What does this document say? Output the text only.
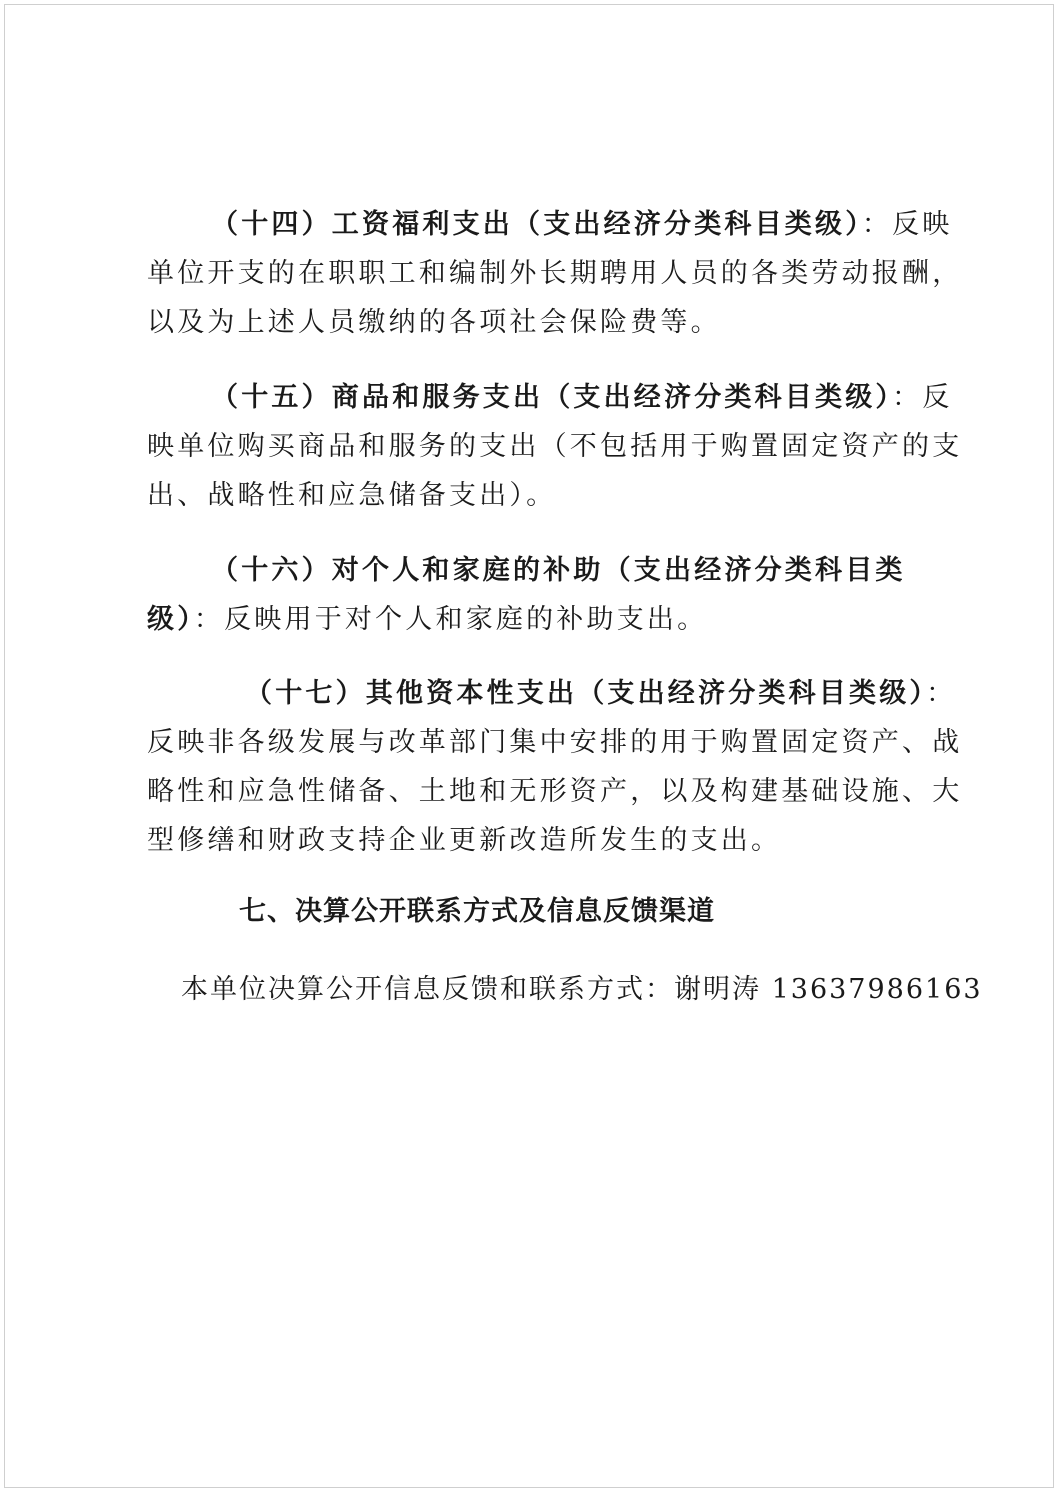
（十四）工资福利支出（支出经济分类科目类级）：反映
单位开支的在职职工和编制外长期聘用人员的各类劳动报酬，
以及为上述人员缴纳的各项社会保险费等。
（十五）商品和服务支出（支出经济分类科目类级）：反
映单位购买商品和服务的支出（不包括用于购置固定资产的支
出、战略性和应急储备支出）。
（十六）对个人和家庭的补助（支出经济分类科目类
级）：反映用于对个人和家庭的补助支出。
（十七）其他资本性支出（支出经济分类科目类级）：
反映非各级发展与改革部门集中安排的用于购置固定资产、战
略性和应急性储备、土地和无形资产，以及构建基础设施、大
型修缮和财政支持企业更新改造所发生的支出。
七、决算公开联系方式及信息反馈渠道
本单位决算公开信息反馈和联系方式：谢明涛 13637986163
